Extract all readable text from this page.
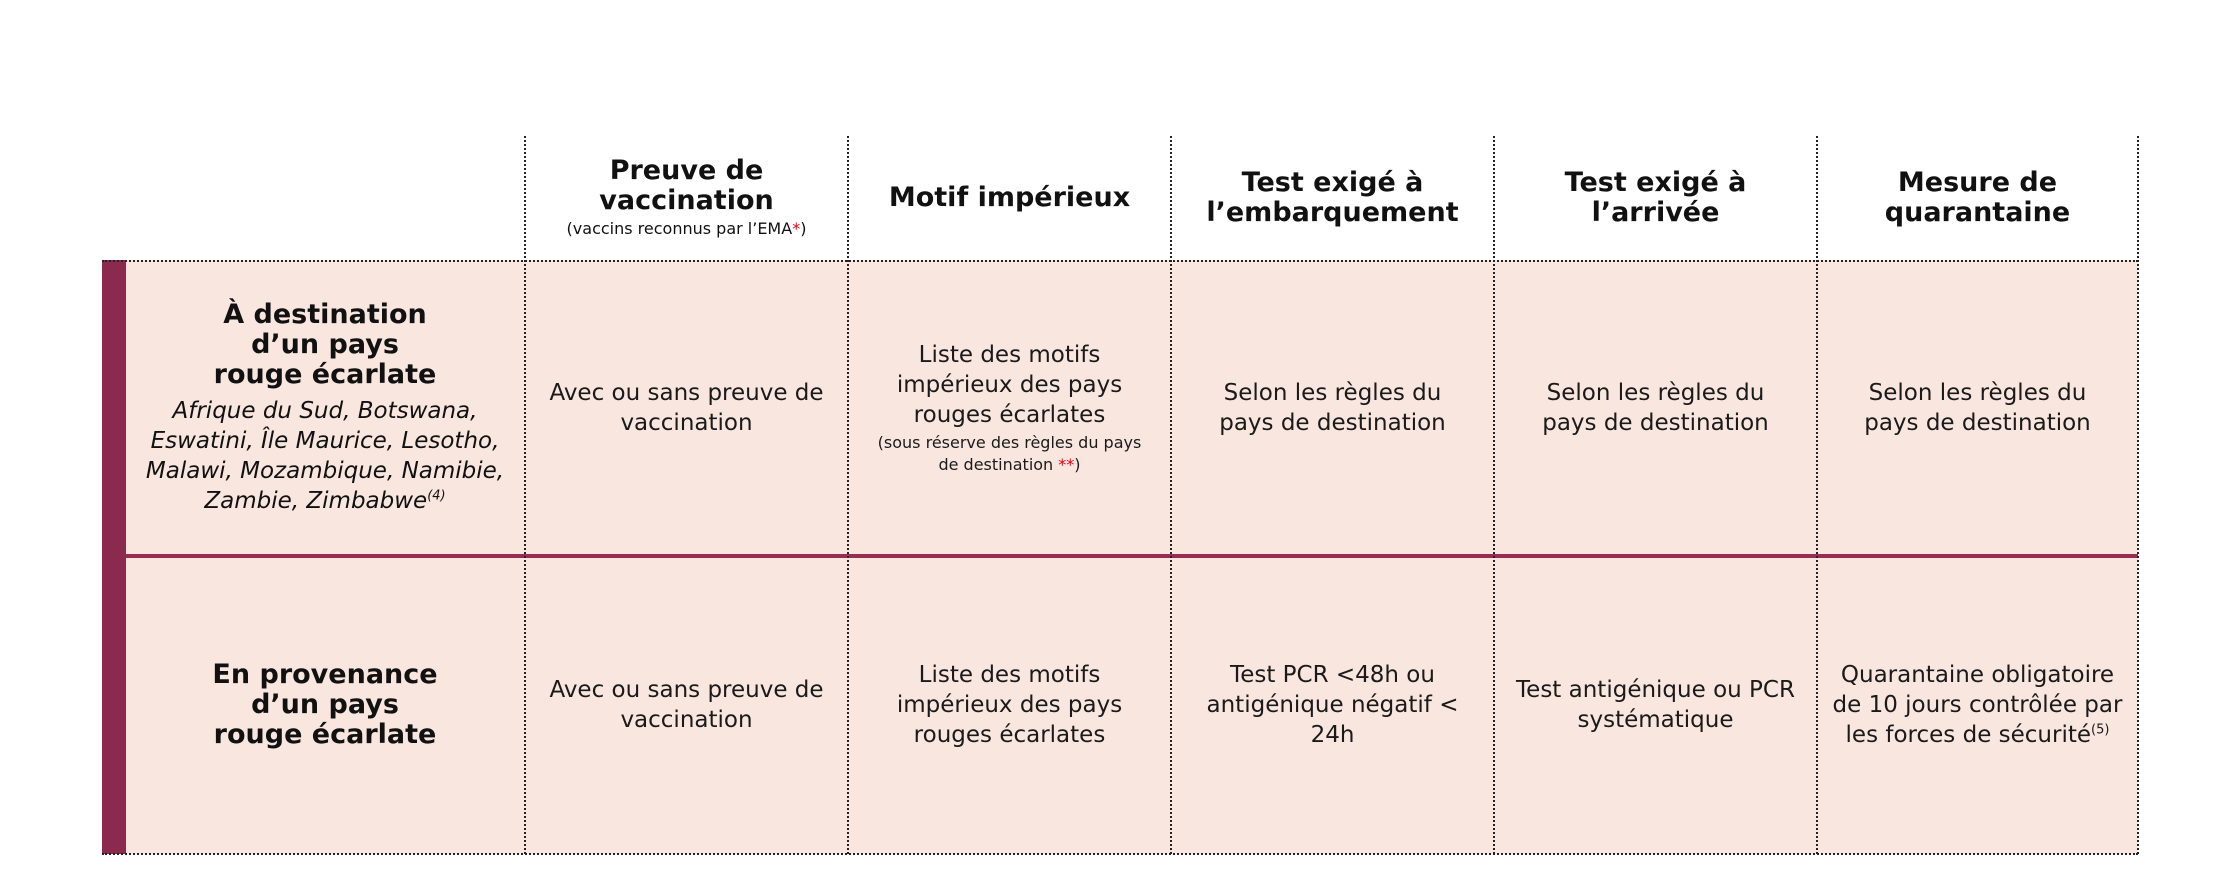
Preuve de vaccination
(vaccins reconnus par l’EMA*)
Motif impérieux	Test exigé à l’embarquement
Test exigé à l’arrivée
Mesure de quarantaine
À destination d’un pays rouge écarlate
Afrique du Sud, Botswana, Eswatini, Île Maurice, Lesotho, Malawi, Mozambique, Namibie, Zambie, Zimbabwe$^{(4)}$
Avec ou sans preuve de vaccination
Liste des motifs impérieux des pays rouges écarlates
(sous réserve des règles du pays de destination **)
Selon les règles du pays de destination
Selon les règles du pays de destination
Selon les règles du pays de destination
En provenance d’un pays rouge écarlate
Avec ou sans preuve de vaccination
Liste des motifs impérieux des pays rouges écarlates
Test PCR <48h ou antigénique négatif < 24h
Test antigénique ou PCR systématique
Quarantaine obligatoire de 10 jours contrôlée par les forces de sécurité$^{(5)}$
